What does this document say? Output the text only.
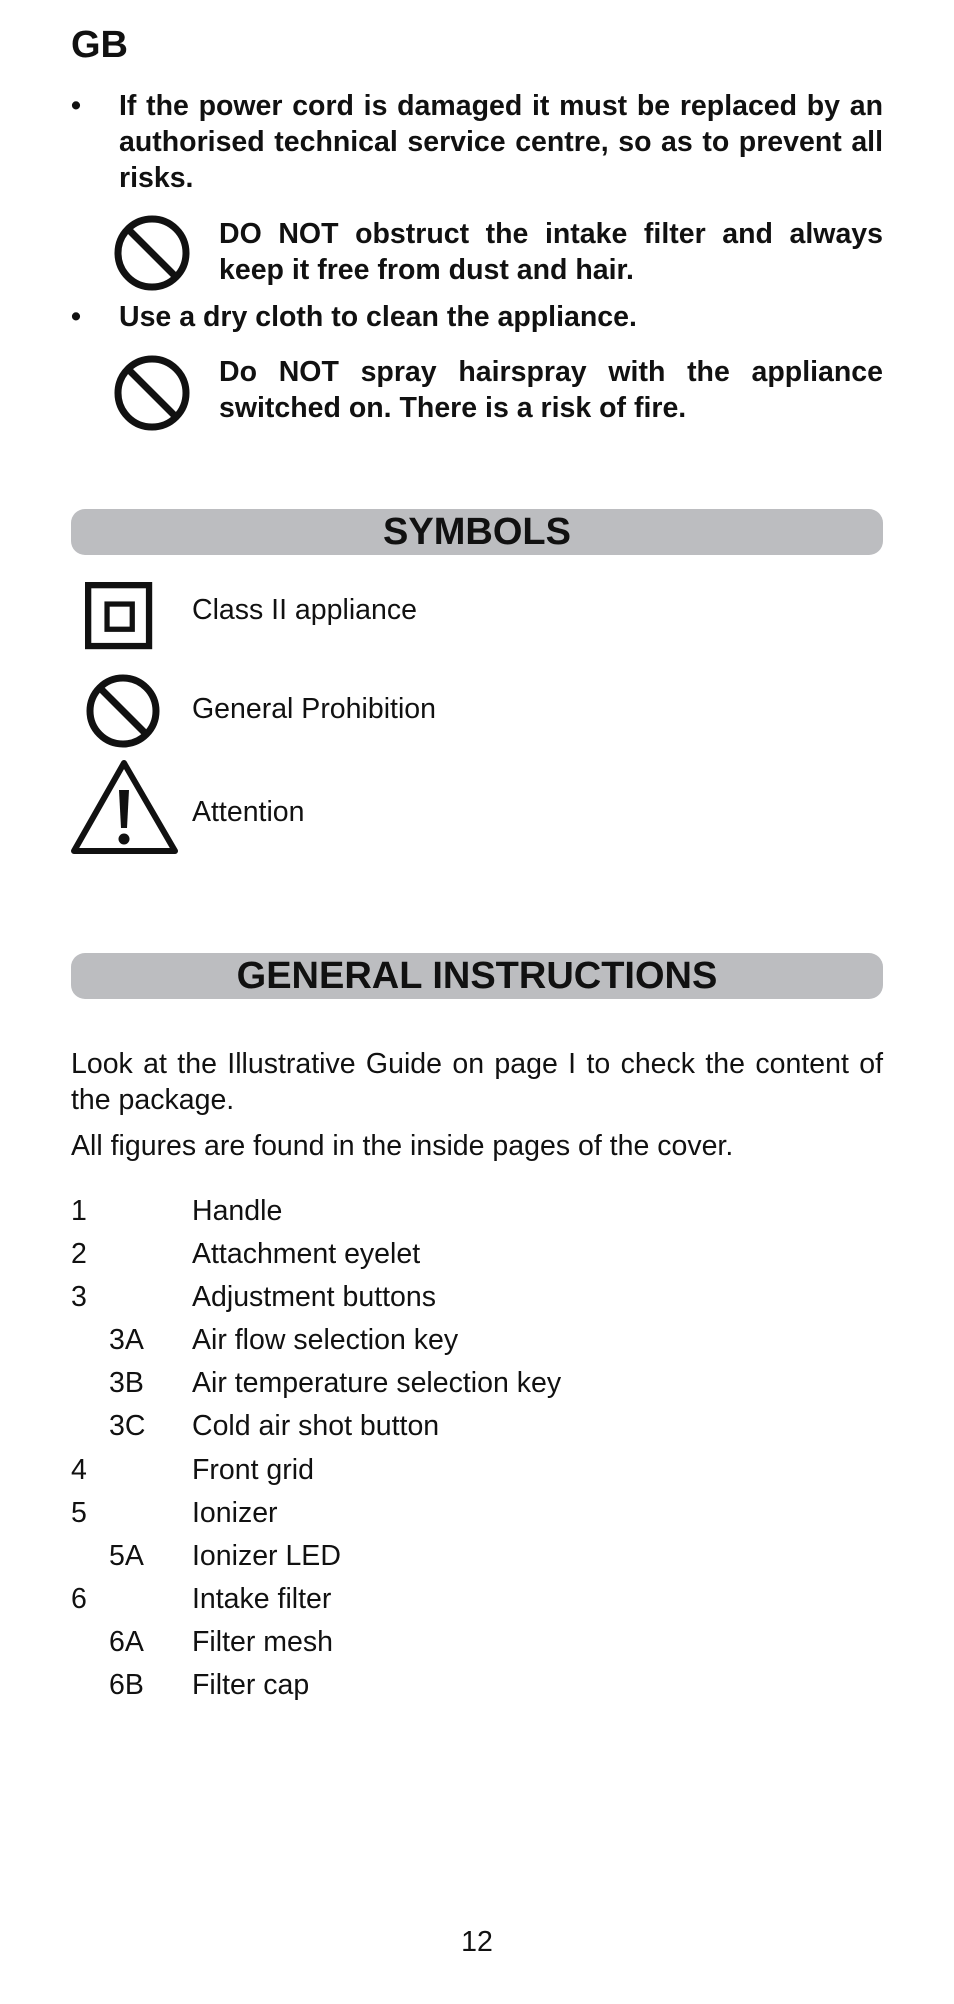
GB
• If the power cord is damaged it must be replaced by an authorised technical service centre, so as to prevent all risks.
DO NOT obstruct the intake filter and always keep it free from dust and hair.
• Use a dry cloth to clean the appliance.
Do NOT spray hairspray with the appliance switched on. There is a risk of fire.
SYMBOLS
Class II appliance
General Prohibition
Attention
GENERAL INSTRUCTIONS

Look at the Illustrative Guide on page I to check the content of the package.

All figures are found in the inside pages of the cover.

1	Handle
2	Attachment eyelet
3	Adjustment buttons
3A Air flow selection key
3B Air temperature selection key
3C Cold air shot button
4	Front grid
5	Ionizer
5A Ionizer LED
6	Intake filter
6A Filter mesh
6B Filter cap
12
